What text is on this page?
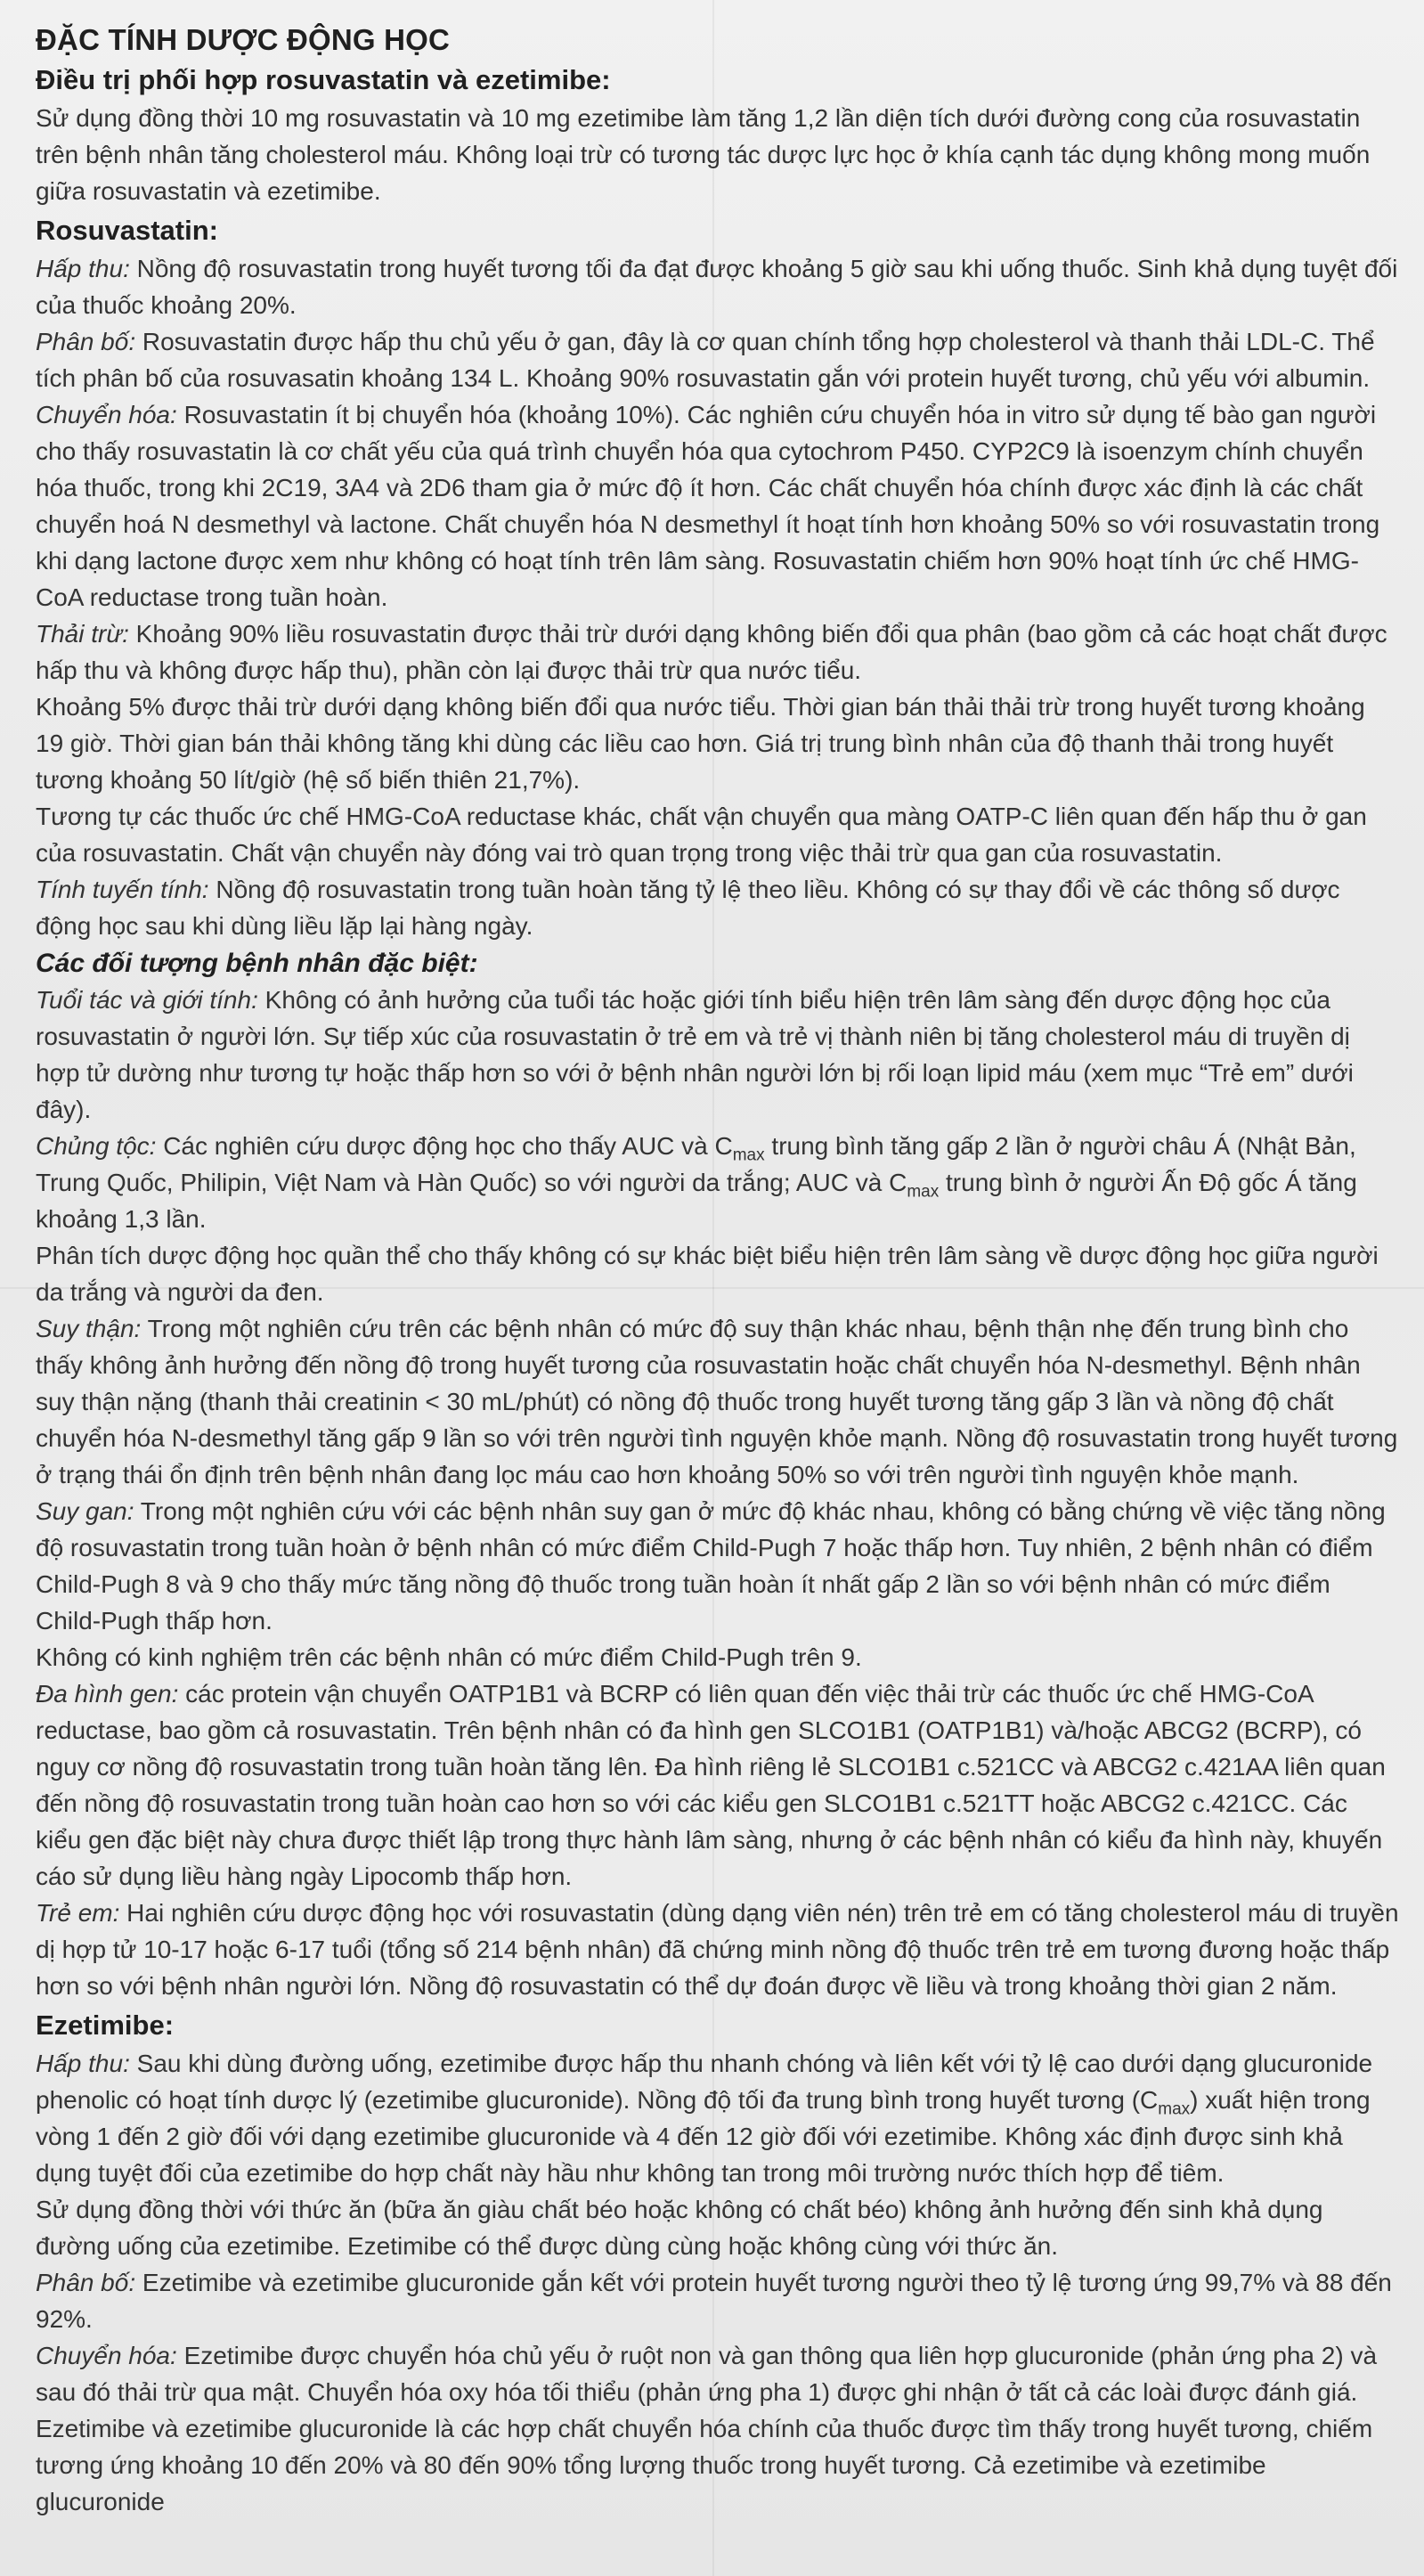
ĐẶC TÍNH DƯỢC ĐỘNG HỌC
Điều trị phối hợp rosuvastatin và ezetimibe:

Sử dụng đồng thời 10 mg rosuvastatin và 10 mg ezetimibe làm tăng 1,2 lần diện tích dưới đường cong của rosuvastatin trên bệnh nhân tăng cholesterol máu. Không loại trừ có tương tác dược lực học ở khía cạnh tác dụng không mong muốn giữa rosuvastatin và ezetimibe.

Rosuvastatin:

Hấp thu: Nồng độ rosuvastatin trong huyết tương tối đa đạt được khoảng 5 giờ sau khi uống thuốc. Sinh khả dụng tuyệt đối của thuốc khoảng 20%.

Phân bố: Rosuvastatin được hấp thu chủ yếu ở gan, đây là cơ quan chính tổng hợp cholesterol và thanh thải LDL-C. Thể tích phân bố của rosuvasatin khoảng 134 L. Khoảng 90% rosuvastatin gắn với protein huyết tương, chủ yếu với albumin.

Chuyển hóa: Rosuvastatin ít bị chuyển hóa (khoảng 10%). Các nghiên cứu chuyển hóa in vitro sử dụng tế bào gan người cho thấy rosuvastatin là cơ chất yếu của quá trình chuyển hóa qua cytochrom P450. CYP2C9 là isoenzym chính chuyển hóa thuốc, trong khi 2C19, 3A4 và 2D6 tham gia ở mức độ ít hơn. Các chất chuyển hóa chính được xác định là các chất chuyển hoá N desmethyl và lactone. Chất chuyển hóa N desmethyl ít hoạt tính hơn khoảng 50% so với rosuvastatin trong khi dạng lactone được xem như không có hoạt tính trên lâm sàng. Rosuvastatin chiếm hơn 90% hoạt tính ức chế HMG-CoA reductase trong tuần hoàn.

Thải trừ: Khoảng 90% liều rosuvastatin được thải trừ dưới dạng không biến đổi qua phân (bao gồm cả các hoạt chất được hấp thu và không được hấp thu), phần còn lại được thải trừ qua nước tiểu.

Khoảng 5% được thải trừ dưới dạng không biến đổi qua nước tiểu. Thời gian bán thải thải trừ trong huyết tương khoảng 19 giờ. Thời gian bán thải không tăng khi dùng các liều cao hơn. Giá trị trung bình nhân của độ thanh thải trong huyết tương khoảng 50 lít/giờ (hệ số biến thiên 21,7%).

Tương tự các thuốc ức chế HMG-CoA reductase khác, chất vận chuyển qua màng OATP-C liên quan đến hấp thu ở gan của rosuvastatin. Chất vận chuyển này đóng vai trò quan trọng trong việc thải trừ qua gan của rosuvastatin.

Tính tuyến tính: Nồng độ rosuvastatin trong tuần hoàn tăng tỷ lệ theo liều. Không có sự thay đổi về các thông số dược động học sau khi dùng liều lặp lại hàng ngày.

Các đối tượng bệnh nhân đặc biệt:

Tuổi tác và giới tính: Không có ảnh hưởng của tuổi tác hoặc giới tính biểu hiện trên lâm sàng đến dược động học của rosuvastatin ở người lớn. Sự tiếp xúc của rosuvastatin ở trẻ em và trẻ vị thành niên bị tăng cholesterol máu di truyền dị hợp tử dường như tương tự hoặc thấp hơn so với ở bệnh nhân người lớn bị rối loạn lipid máu (xem mục “Trẻ em” dưới đây).

Chủng tộc: Các nghiên cứu dược động học cho thấy AUC và $C_{max}$ trung bình tăng gấp 2 lần ở người châu Á (Nhật Bản, Trung Quốc, Philipin, Việt Nam và Hàn Quốc) so với người da trắng; AUC và $C_{max}$ trung bình ở người Ấn Độ gốc Á tăng khoảng 1,3 lần.

Phân tích dược động học quần thể cho thấy không có sự khác biệt biểu hiện trên lâm sàng về dược động học giữa người da trắng và người da đen.

Suy thận: Trong một nghiên cứu trên các bệnh nhân có mức độ suy thận khác nhau, bệnh thận nhẹ đến trung bình cho thấy không ảnh hưởng đến nồng độ trong huyết tương của rosuvastatin hoặc chất chuyển hóa N-desmethyl. Bệnh nhân suy thận nặng (thanh thải creatinin < 30 mL/phút) có nồng độ thuốc trong huyết tương tăng gấp 3 lần và nồng độ chất chuyển hóa N-desmethyl tăng gấp 9 lần so với trên người tình nguyện khỏe mạnh. Nồng độ rosuvastatin trong huyết tương ở trạng thái ổn định trên bệnh nhân đang lọc máu cao hơn khoảng 50% so với trên người tình nguyện khỏe mạnh.

Suy gan: Trong một nghiên cứu với các bệnh nhân suy gan ở mức độ khác nhau, không có bằng chứng về việc tăng nồng độ rosuvastatin trong tuần hoàn ở bệnh nhân có mức điểm Child-Pugh 7 hoặc thấp hơn. Tuy nhiên, 2 bệnh nhân có điểm Child-Pugh 8 và 9 cho thấy mức tăng nồng độ thuốc trong tuần hoàn ít nhất gấp 2 lần so với bệnh nhân có mức điểm Child-Pugh thấp hơn.

Không có kinh nghiệm trên các bệnh nhân có mức điểm Child-Pugh trên 9.

Đa hình gen: các protein vận chuyển OATP1B1 và BCRP có liên quan đến việc thải trừ các thuốc ức chế HMG-CoA reductase, bao gồm cả rosuvastatin. Trên bệnh nhân có đa hình gen SLCO1B1 (OATP1B1) và/hoặc ABCG2 (BCRP), có nguy cơ nồng độ rosuvastatin trong tuần hoàn tăng lên. Đa hình riêng lẻ SLCO1B1 c.521CC và ABCG2 c.421AA liên quan đến nồng độ rosuvastatin trong tuần hoàn cao hơn so với các kiểu gen SLCO1B1 c.521TT hoặc ABCG2 c.421CC. Các kiểu gen đặc biệt này chưa được thiết lập trong thực hành lâm sàng, nhưng ở các bệnh nhân có kiểu đa hình này, khuyến cáo sử dụng liều hàng ngày Lipocomb thấp hơn.

Trẻ em: Hai nghiên cứu dược động học với rosuvastatin (dùng dạng viên nén) trên trẻ em có tăng cholesterol máu di truyền dị hợp tử 10-17 hoặc 6-17 tuổi (tổng số 214 bệnh nhân) đã chứng minh nồng độ thuốc trên trẻ em tương đương hoặc thấp hơn so với bệnh nhân người lớn. Nồng độ rosuvastatin có thể dự đoán được về liều và trong khoảng thời gian 2 năm.

Ezetimibe:

Hấp thu: Sau khi dùng đường uống, ezetimibe được hấp thu nhanh chóng và liên kết với tỷ lệ cao dưới dạng glucuronide phenolic có hoạt tính dược lý (ezetimibe glucuronide). Nồng độ tối đa trung bình trong huyết tương $(C_{max})$ xuất hiện trong vòng 1 đến 2 giờ đối với dạng ezetimibe glucuronide và 4 đến 12 giờ đối với ezetimibe. Không xác định được sinh khả dụng tuyệt đối của ezetimibe do hợp chất này hầu như không tan trong môi trường nước thích hợp để tiêm.

Sử dụng đồng thời với thức ăn (bữa ăn giàu chất béo hoặc không có chất béo) không ảnh hưởng đến sinh khả dụng đường uống của ezetimibe. Ezetimibe có thể được dùng cùng hoặc không cùng với thức ăn.

Phân bố: Ezetimibe và ezetimibe glucuronide gắn kết với protein huyết tương người theo tỷ lệ tương ứng 99,7% và 88 đến 92%.

Chuyển hóa: Ezetimibe được chuyển hóa chủ yếu ở ruột non và gan thông qua liên hợp glucuronide (phản ứng pha 2) và sau đó thải trừ qua mật. Chuyển hóa oxy hóa tối thiểu (phản ứng pha 1) được ghi nhận ở tất cả các loài được đánh giá.

Ezetimibe và ezetimibe glucuronide là các hợp chất chuyển hóa chính của thuốc được tìm thấy trong huyết tương, chiếm tương ứng khoảng 10 đến 20% và 80 đến 90% tổng lượng thuốc trong huyết tương. Cả ezetimibe và ezetimibe glucuronide
